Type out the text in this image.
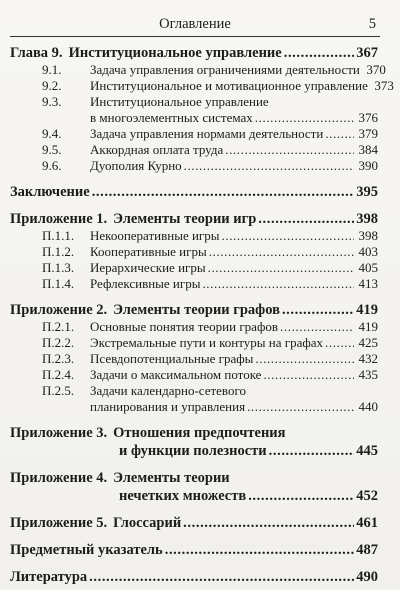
Оглавление	5
Глава 9. Институциональное управление .....	367
9.1.	Задача управления ограничениями деятельности 370
9.2.	Институциональное и мотивационное управление 373
9.3.	Институциональное управление
в многоэлементных системах .....	376
9.4.	Задача управления нормами деятельности .....	379
9.5.	Аккордная оплата труда .....	384
9.6.	Дуополия Курно .....	390
Заключение .....	395
Приложение 1. Элементы теории игр .....	398
П.1.1.	Некооперативные игры .....	398
П.1.2.	Кооперативные игры .....	403
П.1.3.	Иерархические игры .....	405
П.1.4.	Рефлексивные игры .....	413
Приложение 2. Элементы теории графов .....	419
П.2.1.	Основные понятия теории графов .....	419
П.2.2.	Экстремальные пути и контуры на графах .....	425
П.2.3.	Псевдопотенциальные графы .....	432
П.2.4.	Задачи о максимальном потоке .....	435
П.2.5.	Задачи календарно-сетевого
планирования и управления .....	440
Приложение 3. Отношения предпочтения
и функции полезности .....	445
Приложение 4. Элементы теории
нечетких множеств .....	452
Приложение 5. Глоссарий .....	461
Предметный указатель .....	487
Литература .....	490
